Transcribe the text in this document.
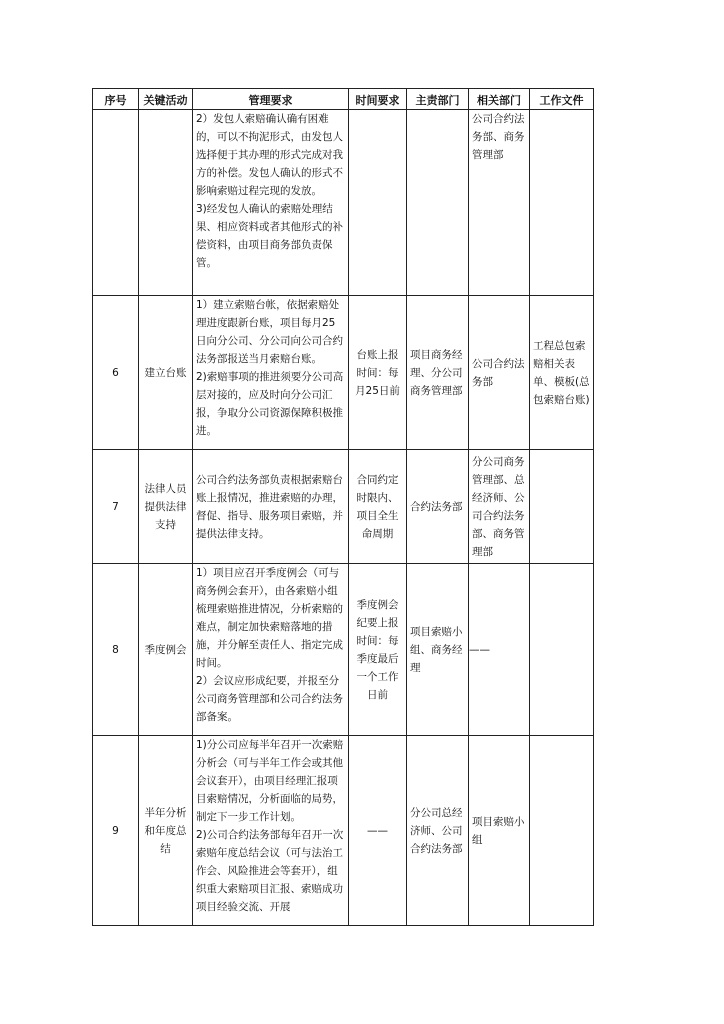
序号	关键活动	管理要求	时间要求	主责部门	相关部门	工作文件
		2）发包人索赔确认确有困难的，可以不拘泥形式，由发包人选择便于其办理的形式完成对我方的补偿。发包人确认的形式不影响索赔过程完现的发放。
3)经发包人确认的索赔处理结果、相应资料或者其他形式的补偿资料，由项目商务部负责保管。			公司合约法务部、商务管理部	
6	建立台账	1）建立索赔台帐，依据索赔处理进度跟新台账，项目每月25日向分公司、分公司向公司合约法务部报送当月索赔台账。
2)索赔事项的推进须要分公司高层对接的，应及时向分公司汇报，争取分公司资源保障积极推进。	台账上报时间：每月25日前	项目商务经理、分公司商务管理部	公司合约法务部	工程总包索赔相关表单、模板(总包索赔台账)
7	法律人员提供法律支持	公司合约法务部负责根据索赔台账上报情况，推进索赔的办理，督促、指导、服务项目索赔，并提供法律支持。	合同约定时限内、项目全生命周期	合约法务部	分公司商务管理部、总经济师、公司合约法务部、商务管理部	
8	季度例会	1）项目应召开季度例会（可与商务例会套开），由各索赔小组梳理索赔推进情况，分析索赔的难点，制定加快索赔落地的措施，并分解至责任人、指定完成时间。
2）会议应形成纪要，并报至分公司商务管理部和公司合约法务部备案。	季度例会纪要上报时间：每季度最后一个工作日前	项目索赔小组、商务经理	——	
9	半年分析和年度总结	1)分公司应每半年召开一次索赔分析会（可与半年工作会或其他会议套开），由项目经理汇报项目索赔情况，分析面临的局势，制定下一步工作计划。
2)公司合约法务部每年召开一次索赔年度总结会议（可与法治工作会、风险推进会等套开），组织重大索赔项目汇报、索赔成功项目经验交流、开展	——	分公司总经济师、公司合约法务部	项目索赔小组	
